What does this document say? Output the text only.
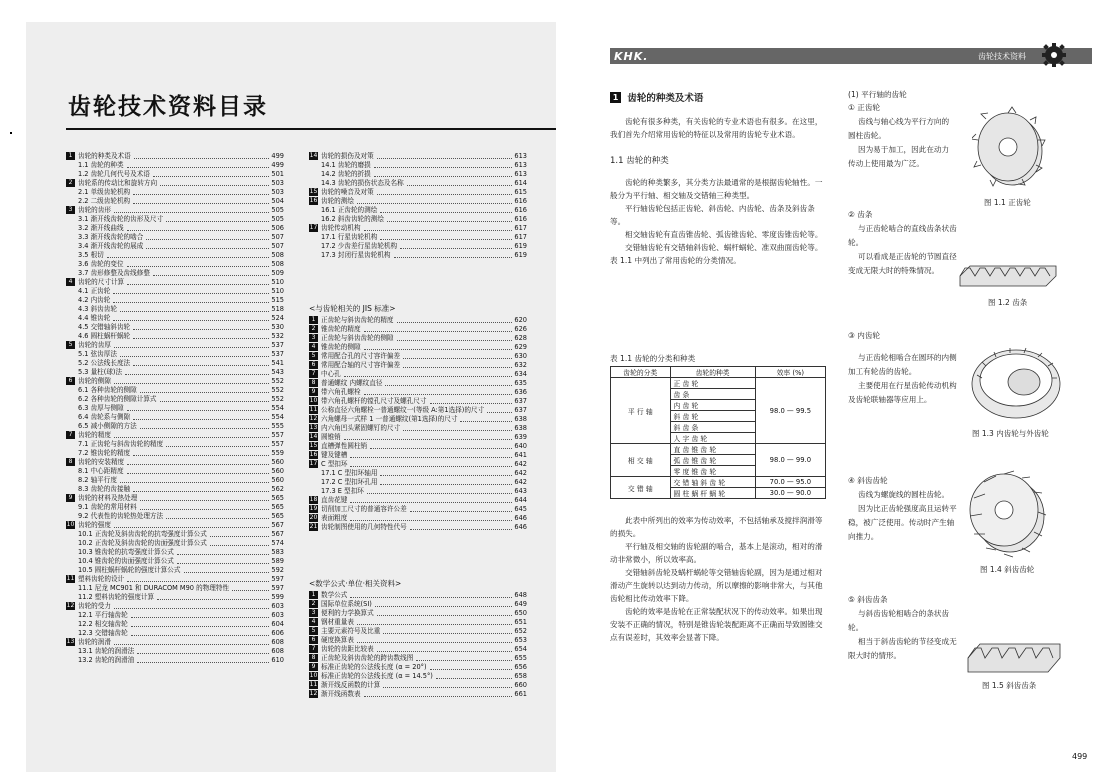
齿轮技术资料目录
1 齿轮的种类及术语	499
1.1 齿轮的种类	499
1.2 齿轮几何代号及术语	501
2 齿轮系的传动比和旋转方向	503
2.1 单级齿轮机构	503
2.2 二级齿轮机构	504
3 齿轮的齿形	505
3.1 渐开线齿轮的齿形及尺寸	505
3.2 渐开线曲线	506
3.3 渐开线齿轮的啮合	507
3.4 渐开线齿轮的展成	507
3.5 根切	508
3.6 齿轮的变位	508
3.7 齿形修整及齿线修整	509
4 齿轮的尺寸计算	510
4.1 正齿轮	510
4.2 内齿轮	515
4.3 斜齿齿轮	518
4.4 锥齿轮	524
4.5 交错轴斜齿轮	530
4.6 圆柱蜗杆蜗轮	532
5 齿轮的齿厚	537
5.1 弦齿厚法	537
5.2 公法线长度法	541
5.3 量柱(球)法	543
6 齿轮的侧隙	552
6.1 各种齿轮的侧隙	552
6.2 各种齿轮的侧隙计算式	552
6.3 齿厚与侧隙	554
6.4 齿轮系与侧隙	554
6.5 减小侧隙的方法	555
7 齿轮的精度	557
7.1 正齿轮与斜齿齿轮的精度	557
7.2 锥齿轮的精度	559
8 齿轮的安装精度	560
8.1 中心距精度	560
8.2 轴平行度	560
8.3 齿轮的齿接触	562
9 齿轮的材料及热处理	565
9.1 齿轮的常用材料	565
9.2 代表性的齿轮热处理方法	565
10 齿轮的强度	567
10.1 正齿轮及斜齿齿轮的抗弯强度计算公式	567
10.2 正齿轮及斜齿齿轮的齿面强度计算公式	574
10.3 锥齿轮的抗弯强度计算公式	583
10.4 锥齿轮的齿面强度计算公式	589
10.5 圆柱蜗杆蜗轮的强度计算公式	592
11 塑料齿轮的设计	597
11.1 尼龙 MC901 和 DURACOM M90 的物理特性	597
11.2 塑料齿轮的强度计算	599
12 齿轮的受力	603
12.1 平行轴齿轮	603
12.2 相交轴齿轮	604
12.3 交错轴齿轮	606
13 齿轮的润滑	608
13.1 齿轮的润滑法	608
13.2 齿轮的润滑油	610
14 齿轮的损伤及对策	613
14.1 齿轮的磨损	613
14.2 齿轮的折损	613
14.3 齿轮的损伤状态及名称	614
15 齿轮的噪音及对策	615
16 齿轮的测绘	616
16.1 正齿轮的测绘	616
16.2 斜齿齿轮的测绘	616
17 齿轮传动机构	617
17.1 行星齿轮机构	617
17.2 少齿差行星齿轮机构	619
17.3 封闭行星齿轮机构	619
<与齿轮相关的 JIS 标准>
1 正齿轮与斜齿齿轮的精度	620
2 锥齿轮的精度	626
3 正齿轮与斜齿齿轮的侧隙	628
4 锥齿轮的侧隙	629
5 常用配合孔的尺寸容许偏差	630
6 常用配合轴的尺寸容许偏差	632
7 中心孔	634
8 普通螺纹 内螺纹直径	635
9 带六角孔螺栓	636
10 带六角孔螺杆的镗孔尺寸及螺孔尺寸	637
11 公称直径六角螺栓一普通螺纹一(等级 A:第1选择)的尺寸	637
12 六角螺母一式样 1 一普通螺纹(第1选择)的尺寸	638
13 内六角凹头紧固螺钉的尺寸	638
14 圆锥销	639
15 直槽弹性圆柱销	640
16 键及键槽	641
17 C 型扣环	642
17.1 C 型扣环轴用	642
17.2 C 型扣环孔用	642
17.3 E 型扣环	643
18 直齿花键	644
19 切削加工尺寸的普通容许公差	645
20 表面粗度	646
21 齿轮制图使用的几何特性代号	646
<数学公式·单位·相关资料>
1 数学公式	648
2 国际单位系统(SI)	649
3 便利的力学换算式	650
4 钢材重量表	651
5 主要元素符号及比重	652
6 硬度换算表	653
7 齿轮的齿距比较表	654
8 正齿轮及斜齿齿轮的跨齿数线图	655
9 标准正齿轮的公法线长度 (α = 20°)	656
10 标准正齿轮的公法线长度 (α = 14.5°)	658
11 渐开线反函数的计算	660
12 渐开线函数表	661
KHK.	齿轮技术资料
1 齿轮的种类及术语

齿轮有很多种类，有关齿轮的专业术语也有很多。在这里，我们首先介绍常用齿轮的特征以及常用的齿轮专业术语。

1.1 齿轮的种类

齿轮的种类繁多，其分类方法最通常的是根据齿轮轴性。一般分为平行轴、相交轴及交错轴三种类型。

平行轴齿轮包括正齿轮、斜齿轮、内齿轮、齿条及斜齿条等。

相交轴齿轮有直齿锥齿轮、弧齿锥齿轮、零度齿锥齿轮等。

交错轴齿轮有交错轴斜齿轮、蜗杆蜗轮、准双曲面齿轮等。

表 1.1 中列出了常用齿轮的分类情况。

表 1.1 齿轮的分类和种类
齿轮的分类	齿轮的种类	效率 (%)
平 行 轴	正 齿 轮	98.0 — 99.5
	齿 条	
	内 齿 轮	
	斜 齿 轮	
	斜 齿 条	
	人 字 齿 轮	
相 交 轴	直 齿 锥 齿 轮	98.0 — 99.0
	弧 齿 锥 齿 轮	
	零 度 锥 齿 轮	
交 错 轴	交 错 轴 斜 齿 轮	70.0 — 95.0
	圆 柱 蜗 杆 蜗 轮	30.0 — 90.0

此表中所列出的效率为传动效率，不包括轴承及搅拌润滑等的损失。

平行轴及相交轴的齿轮副的啮合，基本上是滚动，相对的滑动非常微小，所以效率高。

交错轴斜齿轮及蜗杆蜗轮等交错轴齿轮副，因为是通过相对滑动产生旋转以达到动力传动，所以摩擦的影响非常大，与其他齿轮相比传动效率下降。

齿轮的效率是齿轮在正常装配状况下的传动效率。如果出现安装不正确的情况，特别是锥齿轮装配距离不正确而导致圆锥交点有误差时，其效率会显著下降。

(1) 平行轴的齿轮
① 正齿轮
齿线与轴心线为平行方向的圆柱齿轮。
因为易于加工，因此在动力传动上使用最为广泛。
图 1.1 正齿轮
② 齿条
与正齿轮啮合的直线齿条状齿轮。
可以看成是正齿轮的节圆直径变成无限大时的特殊情况。
图 1.2 齿条
③ 内齿轮
与正齿轮相啮合在圆环的内侧加工有轮齿的齿轮。
主要使用在行星齿轮传动机构及齿轮联轴器等应用上。
图 1.3 内齿轮与外齿轮
④ 斜齿齿轮
齿线为螺旋线的圆柱齿轮。
因为比正齿轮强度高且运转平稳，被广泛使用。传动时产生轴向推力。
图 1.4 斜齿齿轮
⑤ 斜齿齿条
与斜齿齿轮相啮合的条状齿轮。
相当于斜齿齿轮的节径变成无限大时的情形。
图 1.5 斜齿齿条
499
